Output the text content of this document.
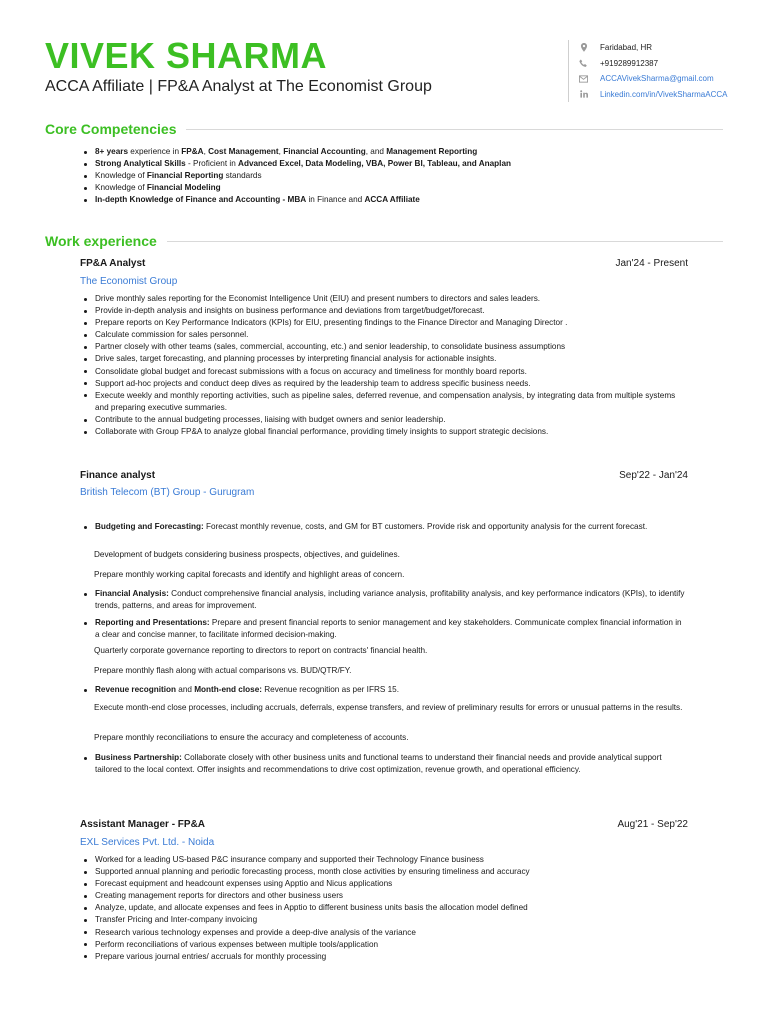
VIVEK SHARMA
ACCA Affiliate | FP&A Analyst at The Economist Group
Faridabad, HR
+919289912387
ACCAVivekSharma@gmail.com
Linkedin.com/in/VivekSharmaACCA
Core Competencies
8+ years experience in FP&A, Cost Management, Financial Accounting, and Management Reporting
Strong Analytical Skills - Proficient in Advanced Excel, Data Modeling, VBA, Power BI, Tableau, and Anaplan
Knowledge of Financial Reporting standards
Knowledge of Financial Modeling
In-depth Knowledge of Finance and Accounting - MBA in Finance and ACCA Affiliate
Work experience
FP&A Analyst	Jan'24 - Present
The Economist Group
Drive monthly sales reporting for the Economist Intelligence Unit (EIU) and present numbers to directors and sales leaders.
Provide in-depth analysis and insights on business performance and deviations from target/budget/forecast.
Prepare reports on Key Performance Indicators (KPIs) for EIU, presenting findings to the Finance Director and Managing Director .
Calculate commission for sales personnel.
Partner closely with other teams (sales, commercial, accounting, etc.) and senior leadership, to consolidate business assumptions
Drive sales, target forecasting, and planning processes by interpreting financial analysis for actionable insights.
Consolidate global budget and forecast submissions with a focus on accuracy and timeliness for monthly board reports.
Support ad-hoc projects and conduct deep dives as required by the leadership team to address specific business needs.
Execute weekly and monthly reporting activities, such as pipeline sales, deferred revenue, and compensation analysis, by integrating data from multiple systems and preparing executive summaries.
Contribute to the annual budgeting processes, liaising with budget owners and senior leadership.
Collaborate with Group FP&A to analyze global financial performance, providing timely insights to support strategic decisions.
Finance analyst	Sep'22 - Jan'24
British Telecom (BT) Group - Gurugram
Budgeting and Forecasting: Forecast monthly revenue, costs, and GM for BT customers. Provide risk and opportunity analysis for the current forecast.
Development of budgets considering business prospects, objectives, and guidelines.
Prepare monthly working capital forecasts and identify and highlight areas of concern.
Financial Analysis: Conduct comprehensive financial analysis, including variance analysis, profitability analysis, and key performance indicators (KPIs), to identify trends, patterns, and areas for improvement.
Reporting and Presentations: Prepare and present financial reports to senior management and key stakeholders. Communicate complex financial information in a clear and concise manner, to facilitate informed decision-making.
Quarterly corporate governance reporting to directors to report on contracts' financial health.
Prepare monthly flash along with actual comparisons vs. BUD/QTR/FY.
Revenue recognition and Month-end close: Revenue recognition as per IFRS 15.
Execute month-end close processes, including accruals, deferrals, expense transfers, and review of preliminary results for errors or unusual patterns in the results.
Prepare monthly reconciliations to ensure the accuracy and completeness of accounts.
Business Partnership: Collaborate closely with other business units and functional teams to understand their financial needs and provide analytical support tailored to the local context. Offer insights and recommendations to drive cost optimization, revenue growth, and operational efficiency.
Assistant Manager - FP&A	Aug'21 - Sep'22
EXL Services Pvt. Ltd. - Noida
Worked for a leading US-based P&C insurance company and supported their Technology Finance business
Supported annual planning and periodic forecasting process, month close activities by ensuring timeliness and accuracy
Forecast equipment and headcount expenses using Apptio and Nicus applications
Creating management reports for directors and other business users
Analyze, update, and allocate expenses and fees in Apptio to different business units basis the allocation model defined
Transfer Pricing and Inter-company invoicing
Research various technology expenses and provide a deep-dive analysis of the variance
Perform reconciliations of various expenses between multiple tools/application
Prepare various journal entries/ accruals for monthly processing
